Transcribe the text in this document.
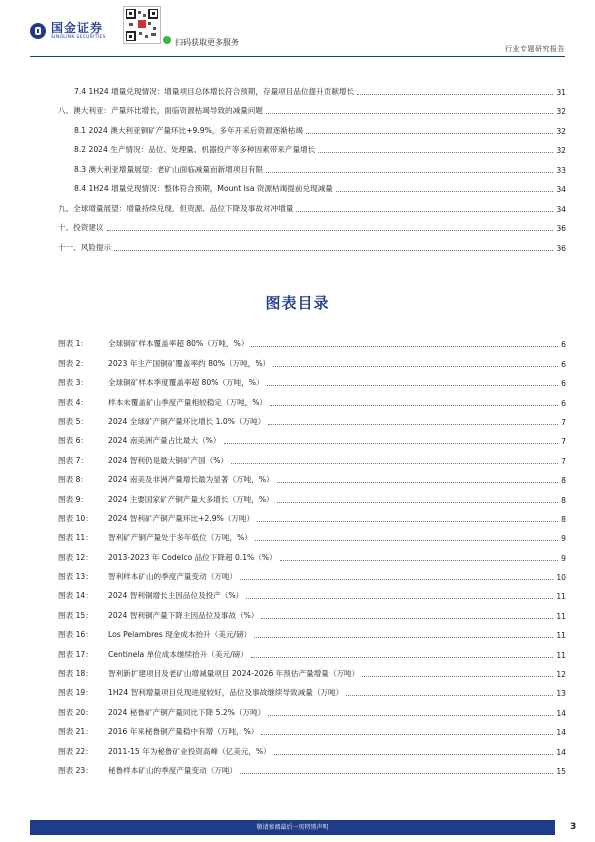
国金证券
SINOLINK SECURITIES
扫码获取更多服务
行业专题研究报告
7.4 1H24 增量兑现情况：增量项目总体增长符合预期，存量项目品位提升贡献增长	31
八、澳大利亚：产量环比增长，面临资源枯竭导致的减量问题	32
8.1 2024 澳大利亚铜矿产量环比+9.9%，多年开采后资源逐渐枯竭	32
8.2 2024 生产情况：品位、处理量、机器投产等多种因素带来产量增长	32
8.3 澳大利亚增量展望：老矿山面临减量而新增项目有限	33
8.4 1H24 增量兑现情况：整体符合预期，Mount Isa 资源枯竭提前兑现减量	34
九、全球增量展望：增量持续兑现，但资源、品位下降及事故对冲增量	34
十、投资建议	36
十一、风险提示	36
图表目录
图表 1：	全球铜矿样本覆盖率超 80%（万吨，%）	6
图表 2：	2023 年主产国铜矿覆盖率约 80%（万吨，%）	6
图表 3：	全球铜矿样本季度覆盖率超 80%（万吨，%）	6
图表 4：	样本未覆盖矿山季度产量相较稳定（万吨，%）	6
图表 5：	2024 全球矿产铜产量环比增长 1.0%（万吨）	7
图表 6：	2024 南美洲产量占比最大（%）	7
图表 7：	2024 智利仍是最大铜矿产国（%）	7
图表 8：	2024 南美及非洲产量增长最为显著（万吨，%）	8
图表 9：	2024 主要国家矿产铜产量大多增长（万吨，%）	8
图表 10：	2024 智利矿产铜产量环比+2.9%（万吨）	8
图表 11：	智利矿产铜产量处于多年低位（万吨，%）	9
图表 12：	2013-2023 年 Codelco 品位下降超 0.1%（%）	9
图表 13：	智利样本矿山的季度产量变动（万吨）	10
图表 14：	2024 智利铜增长主因品位及投产（%）	11
图表 15：	2024 智利铜产量下降主因品位及事故（%）	11
图表 16：	Los Pelambres 现金成本抬升（美元/磅）	11
图表 17：	Centinela 单位成本继续抬升（美元/磅）	11
图表 18：	智利新扩建项目及老矿山增减量项目 2024-2026 年预估产量增量（万吨）	12
图表 19：	1H24 智利增量项目兑现进度较好，品位及事故继续导致减量（万吨）	13
图表 20：	2024 秘鲁矿产铜产量同比下降 5.2%（万吨）	14
图表 21：	2016 年来秘鲁铜产量稳中有增（万吨，%）	14
图表 22：	2011-15 年为秘鲁矿业投资高峰（亿美元，%）	14
图表 23：	秘鲁样本矿山的季度产量变动（万吨）	15
敬请参阅最后一页特别声明	3
